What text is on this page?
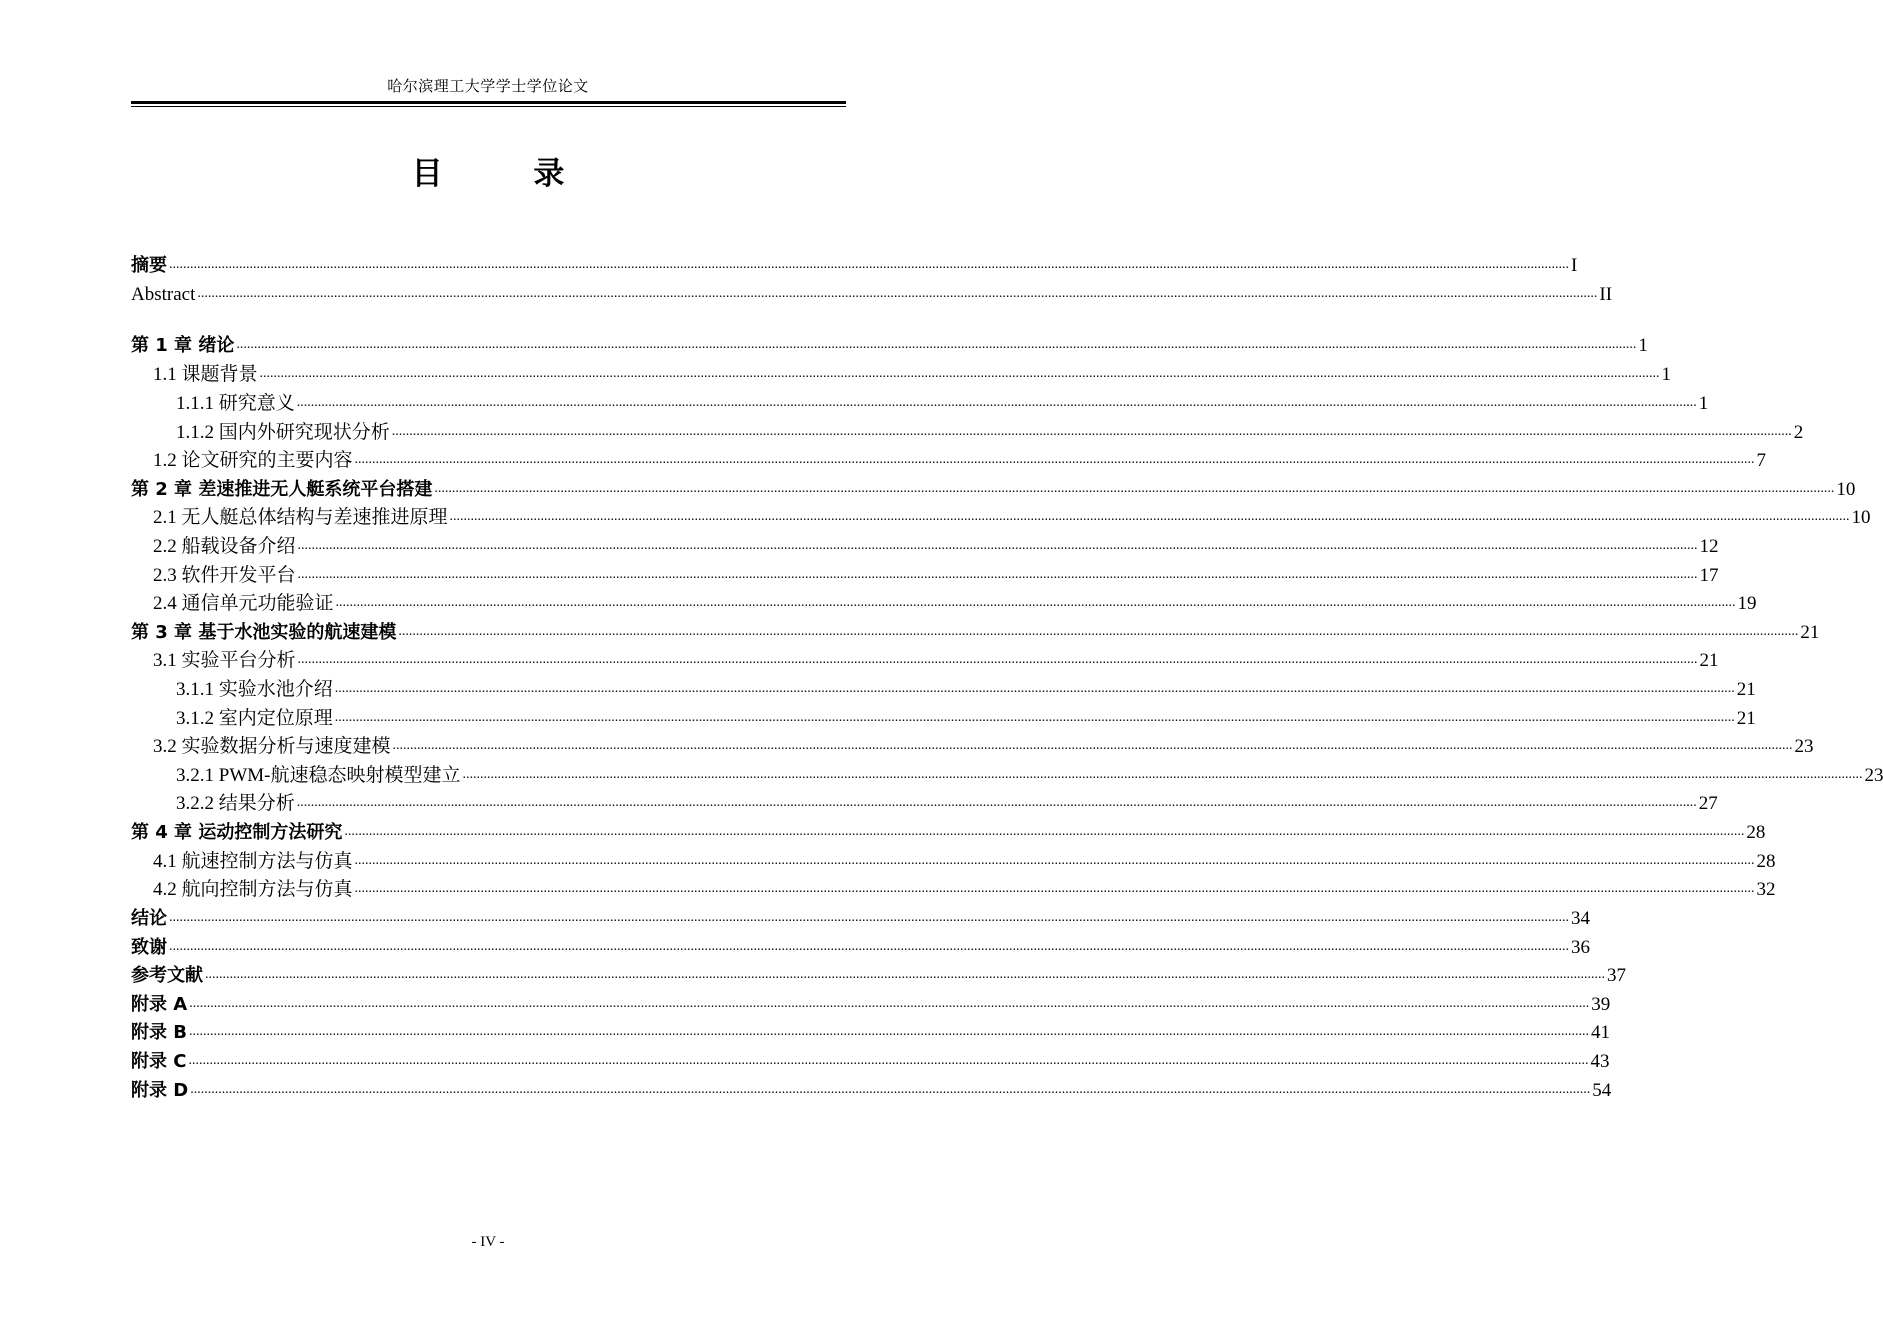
哈尔滨理工大学学士学位论文
目 录
摘要 ................................................................................................................................................................................................................................................................................................................................................................................................................ I
Abstract ................................................................................................................................................................................................................................................................................................................................................................................................................ II
第 1 章 绪论 ................................................................................................................................................................................................................................................................................................................................................................................................................ 1
1.1 课题背景 ................................................................................................................................................................................................................................................................................................................................................................................................................ 1
1.1.1 研究意义 ................................................................................................................................................................................................................................................................................................................................................................................................................ 1
1.1.2 国内外研究现状分析 ................................................................................................................................................................................................................................................................................................................................................................................................................ 2
1.2 论文研究的主要内容 ................................................................................................................................................................................................................................................................................................................................................................................................................ 7
第 2 章 差速推进无人艇系统平台搭建 ................................................................................................................................................................................................................................................................................................................................................................................................................ 10
2.1 无人艇总体结构与差速推进原理 ................................................................................................................................................................................................................................................................................................................................................................................................................ 10
2.2 船载设备介绍 ................................................................................................................................................................................................................................................................................................................................................................................................................ 12
2.3 软件开发平台 ................................................................................................................................................................................................................................................................................................................................................................................................................ 17
2.4 通信单元功能验证 ................................................................................................................................................................................................................................................................................................................................................................................................................ 19
第 3 章 基于水池实验的航速建模 ................................................................................................................................................................................................................................................................................................................................................................................................................ 21
3.1 实验平台分析 ................................................................................................................................................................................................................................................................................................................................................................................................................ 21
3.1.1 实验水池介绍 ................................................................................................................................................................................................................................................................................................................................................................................................................ 21
3.1.2 室内定位原理 ................................................................................................................................................................................................................................................................................................................................................................................................................ 21
3.2 实验数据分析与速度建模 ................................................................................................................................................................................................................................................................................................................................................................................................................ 23
3.2.1 PWM-航速稳态映射模型建立 ................................................................................................................................................................................................................................................................................................................................................................................................................ 23
3.2.2 结果分析 ................................................................................................................................................................................................................................................................................................................................................................................................................ 27
第 4 章 运动控制方法研究 ................................................................................................................................................................................................................................................................................................................................................................................................................ 28
4.1 航速控制方法与仿真 ................................................................................................................................................................................................................................................................................................................................................................................................................ 28
4.2 航向控制方法与仿真 ................................................................................................................................................................................................................................................................................................................................................................................................................ 32
结论 ................................................................................................................................................................................................................................................................................................................................................................................................................ 34
致谢 ................................................................................................................................................................................................................................................................................................................................................................................................................ 36
参考文献 ................................................................................................................................................................................................................................................................................................................................................................................................................ 37
附录 A ................................................................................................................................................................................................................................................................................................................................................................................................................ 39
附录 B ................................................................................................................................................................................................................................................................................................................................................................................................................ 41
附录 C ................................................................................................................................................................................................................................................................................................................................................................................................................ 43
附录 D ................................................................................................................................................................................................................................................................................................................................................................................................................ 54
- IV -
